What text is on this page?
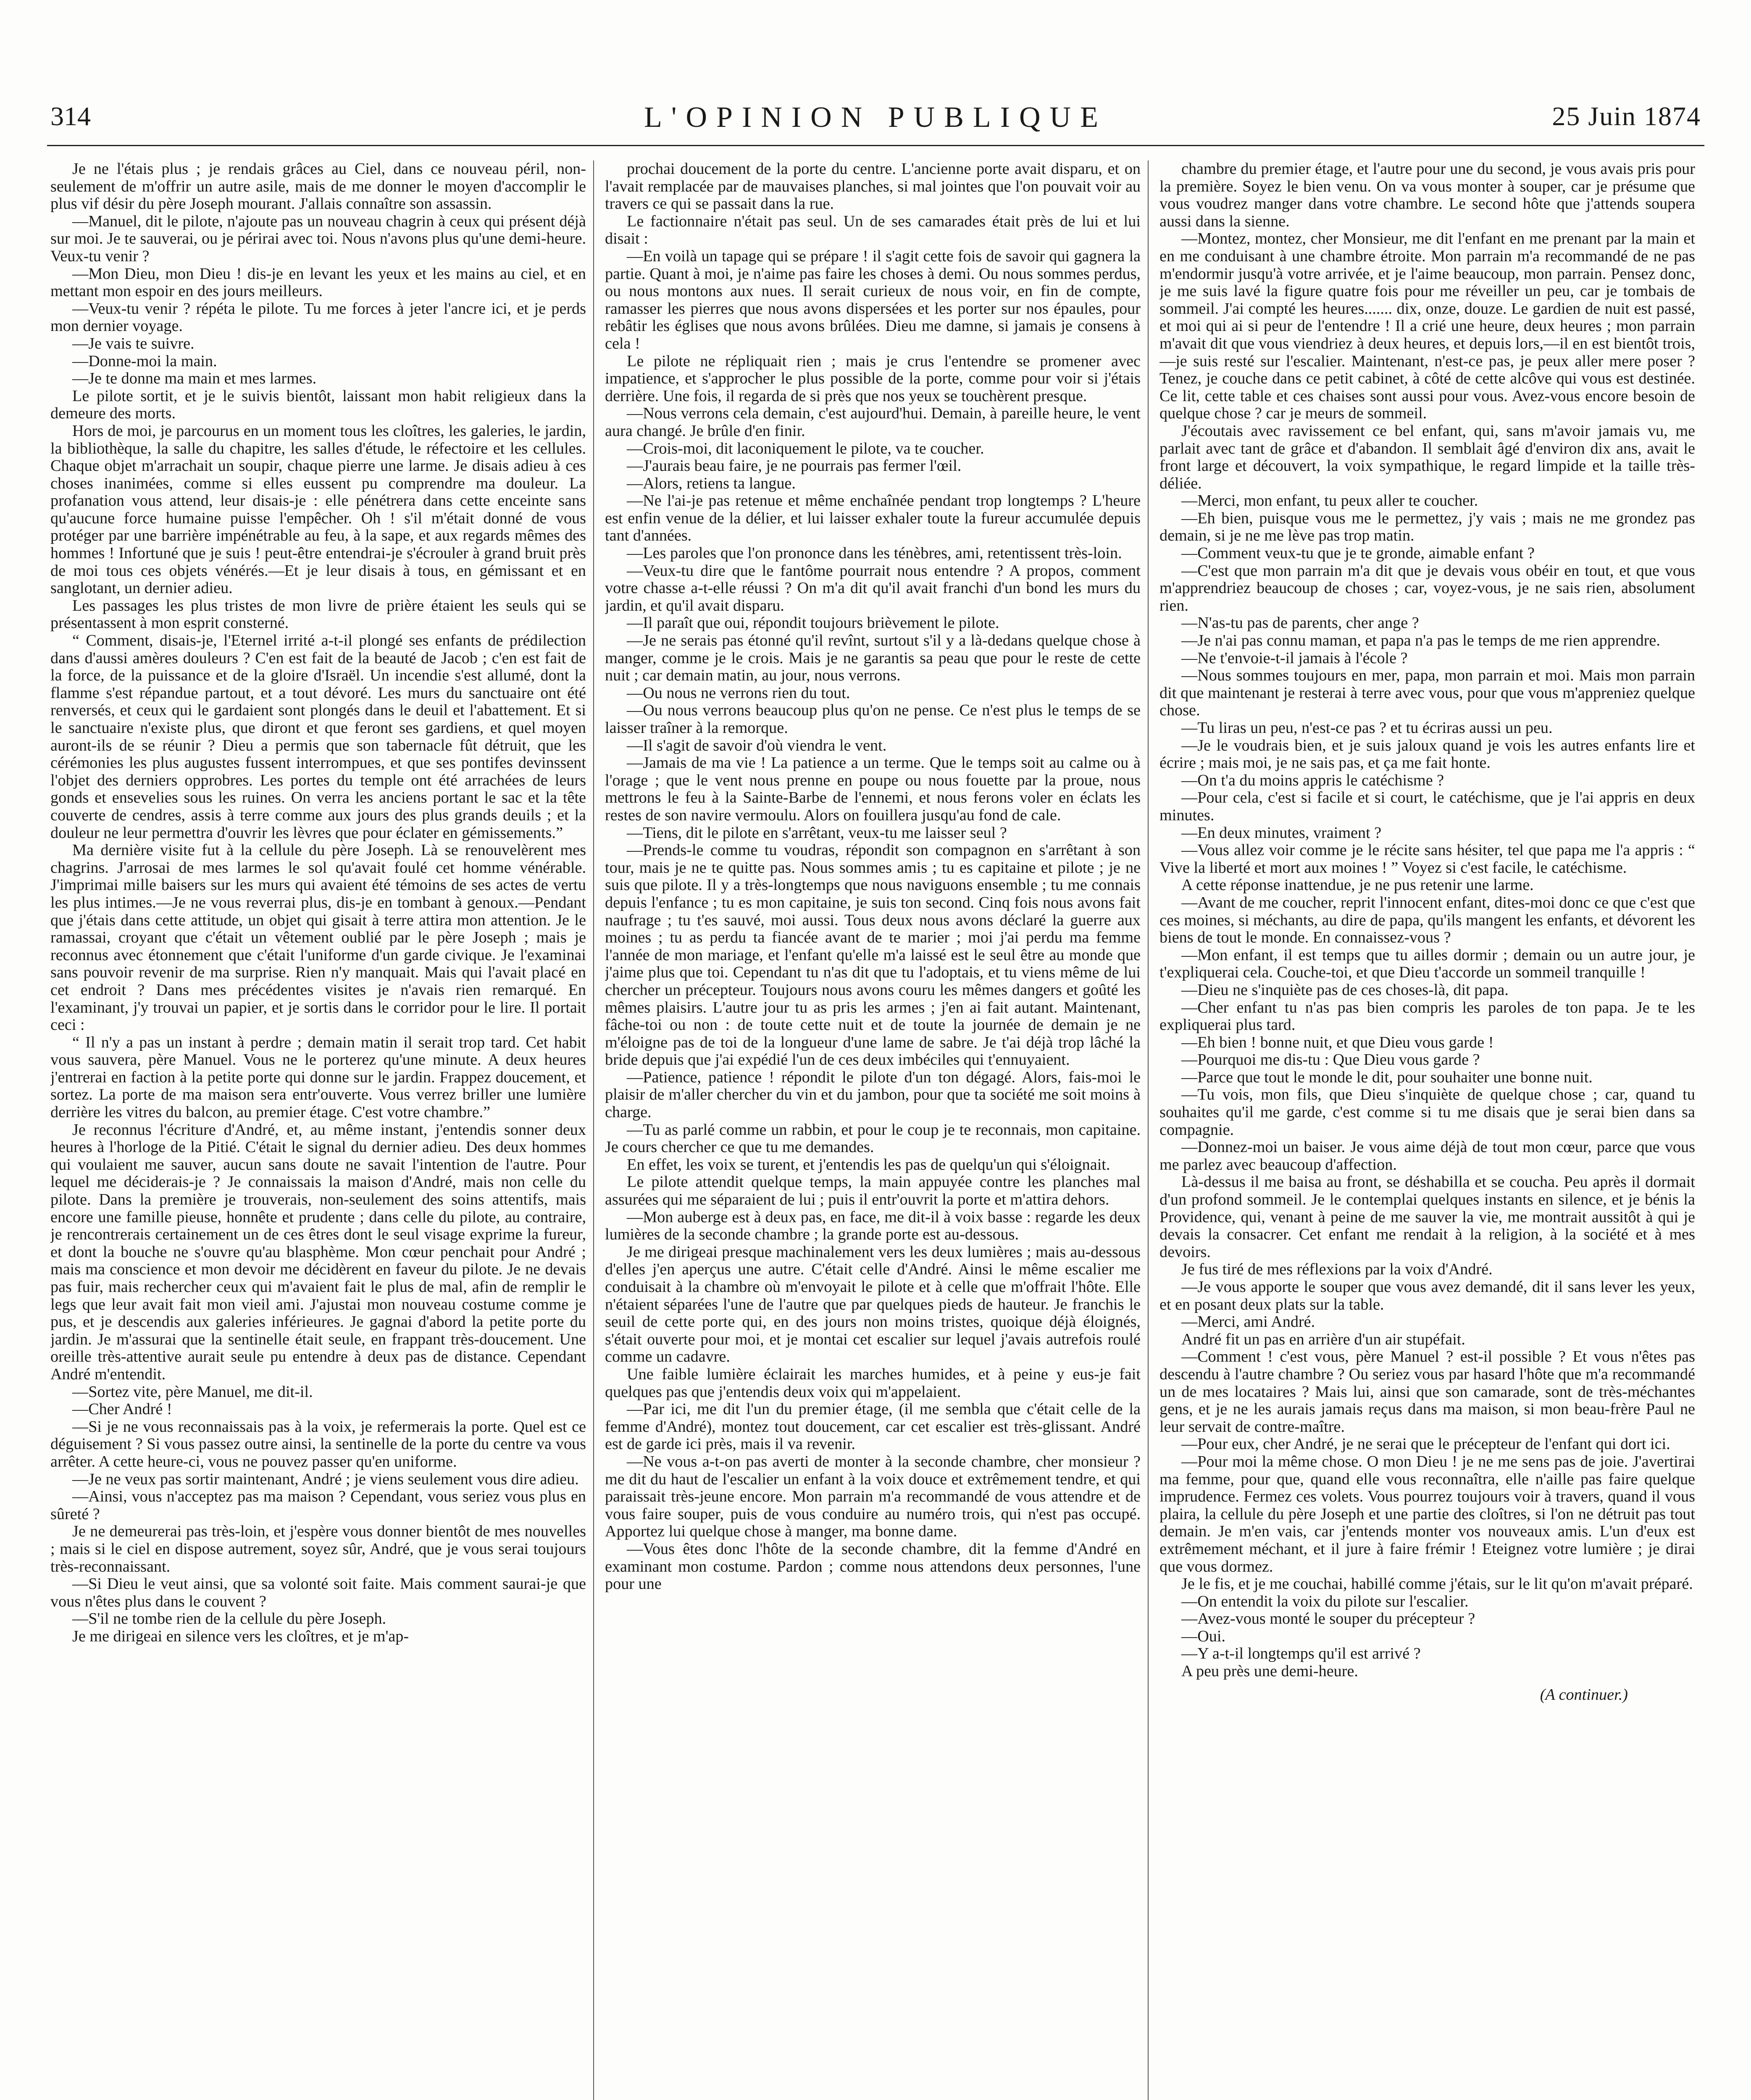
314	L'OPINION PUBLIQUE	25 Juin 1874

Je ne l'étais plus ; je rendais grâces au Ciel, dans ce nouveau péril, non-seulement de m'offrir un autre asile, mais de me donner le moyen d'accomplir le plus vif désir du père Joseph mourant. J'allais connaître son assassin.

—Manuel, dit le pilote, n'ajoute pas un nouveau chagrin à ceux qui présent déjà sur moi. Je te sauverai, ou je périrai avec toi. Nous n'avons plus qu'une demi-heure. Veux-tu venir ?

—Mon Dieu, mon Dieu ! dis-je en levant les yeux et les mains au ciel, et en mettant mon espoir en des jours meilleurs.

—Veux-tu venir ? répéta le pilote. Tu me forces à jeter l'ancre ici, et je perds mon dernier voyage.

—Je vais te suivre.

—Donne-moi la main.

—Je te donne ma main et mes larmes.

Le pilote sortit, et je le suivis bientôt, laissant mon habit religieux dans la demeure des morts.

Hors de moi, je parcourus en un moment tous les cloîtres, les galeries, le jardin, la bibliothèque, la salle du chapitre, les salles d'étude, le réfectoire et les cellules. Chaque objet m'arrachait un soupir, chaque pierre une larme. Je disais adieu à ces choses inanimées, comme si elles eussent pu comprendre ma douleur. La profanation vous attend, leur disais-je : elle pénétrera dans cette enceinte sans qu'aucune force humaine puisse l'empêcher. Oh ! s'il m'était donné de vous protéger par une barrière impénétrable au feu, à la sape, et aux regards mêmes des hommes ! Infortuné que je suis ! peut-être entendrai-je s'écrouler à grand bruit près de moi tous ces objets vénérés.—Et je leur disais à tous, en gémissant et en sanglotant, un dernier adieu.

Les passages les plus tristes de mon livre de prière étaient les seuls qui se présentassent à mon esprit consterné.

“ Comment, disais-je, l'Eternel irrité a-t-il plongé ses enfants de prédilection dans d'aussi amères douleurs ? C'en est fait de la beauté de Jacob ; c'en est fait de la force, de la puissance et de la gloire d'Israël. Un incendie s'est allumé, dont la flamme s'est répandue partout, et a tout dévoré. Les murs du sanctuaire ont été renversés, et ceux qui le gardaient sont plongés dans le deuil et l'abattement. Et si le sanctuaire n'existe plus, que diront et que feront ses gardiens, et quel moyen auront-ils de se réunir ? Dieu a permis que son tabernacle fût détruit, que les cérémonies les plus augustes fussent interrompues, et que ses pontifes devinssent l'objet des derniers opprobres. Les portes du temple ont été arrachées de leurs gonds et ensevelies sous les ruines. On verra les anciens portant le sac et la tête couverte de cendres, assis à terre comme aux jours des plus grands deuils ; et la douleur ne leur permettra d'ouvrir les lèvres que pour éclater en gémissements.”

Ma dernière visite fut à la cellule du père Joseph. Là se renouvelèrent mes chagrins. J'arrosai de mes larmes le sol qu'avait foulé cet homme vénérable. J'imprimai mille baisers sur les murs qui avaient été témoins de ses actes de vertu les plus intimes.—Je ne vous reverrai plus, dis-je en tombant à genoux.—Pendant que j'étais dans cette attitude, un objet qui gisait à terre attira mon attention. Je le ramassai, croyant que c'était un vêtement oublié par le père Joseph ; mais je reconnus avec étonnement que c'était l'uniforme d'un garde civique. Je l'examinai sans pouvoir revenir de ma surprise. Rien n'y manquait. Mais qui l'avait placé en cet endroit ? Dans mes précédentes visites je n'avais rien remarqué. En l'examinant, j'y trouvai un papier, et je sortis dans le corridor pour le lire. Il portait ceci :

“ Il n'y a pas un instant à perdre ; demain matin il serait trop tard. Cet habit vous sauvera, père Manuel. Vous ne le porterez qu'une minute. A deux heures j'entrerai en faction à la petite porte qui donne sur le jardin. Frappez doucement, et sortez. La porte de ma maison sera entr'ouverte. Vous verrez briller une lumière derrière les vitres du balcon, au premier étage. C'est votre chambre.”

Je reconnus l'écriture d'André, et, au même instant, j'entendis sonner deux heures à l'horloge de la Pitié. C'était le signal du dernier adieu. Des deux hommes qui voulaient me sauver, aucun sans doute ne savait l'intention de l'autre. Pour lequel me déciderais-je ? Je connaissais la maison d'André, mais non celle du pilote. Dans la première je trouverais, non-seulement des soins attentifs, mais encore une famille pieuse, honnête et prudente ; dans celle du pilote, au contraire, je rencontrerais certainement un de ces êtres dont le seul visage exprime la fureur, et dont la bouche ne s'ouvre qu'au blasphème. Mon cœur penchait pour André ; mais ma conscience et mon devoir me décidèrent en faveur du pilote. Je ne devais pas fuir, mais rechercher ceux qui m'avaient fait le plus de mal, afin de remplir le legs que leur avait fait mon vieil ami. J'ajustai mon nouveau costume comme je pus, et je descendis aux galeries inférieures. Je gagnai d'abord la petite porte du jardin. Je m'assurai que la sentinelle était seule, en frappant très-doucement. Une oreille très-attentive aurait seule pu entendre à deux pas de distance. Cependant André m'entendit.

—Sortez vite, père Manuel, me dit-il.

—Cher André !

—Si je ne vous reconnaissais pas à la voix, je refermerais la porte. Quel est ce déguisement ? Si vous passez outre ainsi, la sentinelle de la porte du centre va vous arrêter. A cette heure-ci, vous ne pouvez passer qu'en uniforme.

—Je ne veux pas sortir maintenant, André ; je viens seulement vous dire adieu.

—Ainsi, vous n'acceptez pas ma maison ? Cependant, vous seriez vous plus en sûreté ?

Je ne demeurerai pas très-loin, et j'espère vous donner bientôt de mes nouvelles ; mais si le ciel en dispose autrement, soyez sûr, André, que je vous serai toujours très-reconnaissant.

—Si Dieu le veut ainsi, que sa volonté soit faite. Mais comment saurai-je que vous n'êtes plus dans le couvent ?

—S'il ne tombe rien de la cellule du père Joseph.

Je me dirigeai en silence vers les cloîtres, et je m'ap-

prochai doucement de la porte du centre. L'ancienne porte avait disparu, et on l'avait remplacée par de mauvaises planches, si mal jointes que l'on pouvait voir au travers ce qui se passait dans la rue.

Le factionnaire n'était pas seul. Un de ses camarades était près de lui et lui disait :

—En voilà un tapage qui se prépare ! il s'agit cette fois de savoir qui gagnera la partie. Quant à moi, je n'aime pas faire les choses à demi. Ou nous sommes perdus, ou nous montons aux nues. Il serait curieux de nous voir, en fin de compte, ramasser les pierres que nous avons dispersées et les porter sur nos épaules, pour rebâtir les églises que nous avons brûlées. Dieu me damne, si jamais je consens à cela !

Le pilote ne répliquait rien ; mais je crus l'entendre se promener avec impatience, et s'approcher le plus possible de la porte, comme pour voir si j'étais derrière. Une fois, il regarda de si près que nos yeux se touchèrent presque.

—Nous verrons cela demain, c'est aujourd'hui. Demain, à pareille heure, le vent aura changé. Je brûle d'en finir.

—Crois-moi, dit laconiquement le pilote, va te coucher.

—J'aurais beau faire, je ne pourrais pas fermer l'œil.

—Alors, retiens ta langue.

—Ne l'ai-je pas retenue et même enchaînée pendant trop longtemps ? L'heure est enfin venue de la délier, et lui laisser exhaler toute la fureur accumulée depuis tant d'années.

—Les paroles que l'on prononce dans les ténèbres, ami, retentissent très-loin.

—Veux-tu dire que le fantôme pourrait nous entendre ? A propos, comment votre chasse a-t-elle réussi ? On m'a dit qu'il avait franchi d'un bond les murs du jardin, et qu'il avait disparu.

—Il paraît que oui, répondit toujours brièvement le pilote.

—Je ne serais pas étonné qu'il revînt, surtout s'il y a là-dedans quelque chose à manger, comme je le crois. Mais je ne garantis sa peau que pour le reste de cette nuit ; car demain matin, au jour, nous verrons.

—Ou nous ne verrons rien du tout.

—Ou nous verrons beaucoup plus qu'on ne pense. Ce n'est plus le temps de se laisser traîner à la remorque.

—Il s'agit de savoir d'où viendra le vent.

—Jamais de ma vie ! La patience a un terme. Que le temps soit au calme ou à l'orage ; que le vent nous prenne en poupe ou nous fouette par la proue, nous mettrons le feu à la Sainte-Barbe de l'ennemi, et nous ferons voler en éclats les restes de son navire vermoulu. Alors on fouillera jusqu'au fond de cale.

—Tiens, dit le pilote en s'arrêtant, veux-tu me laisser seul ?

—Prends-le comme tu voudras, répondit son compagnon en s'arrêtant à son tour, mais je ne te quitte pas. Nous sommes amis ; tu es capitaine et pilote ; je ne suis que pilote. Il y a très-longtemps que nous naviguons ensemble ; tu me connais depuis l'enfance ; tu es mon capitaine, je suis ton second. Cinq fois nous avons fait naufrage ; tu t'es sauvé, moi aussi. Tous deux nous avons déclaré la guerre aux moines ; tu as perdu ta fiancée avant de te marier ; moi j'ai perdu ma femme l'année de mon mariage, et l'enfant qu'elle m'a laissé est le seul être au monde que j'aime plus que toi. Cependant tu n'as dit que tu l'adoptais, et tu viens même de lui chercher un précepteur. Toujours nous avons couru les mêmes dangers et goûté les mêmes plaisirs. L'autre jour tu as pris les armes ; j'en ai fait autant. Maintenant, fâche-toi ou non : de toute cette nuit et de toute la journée de demain je ne m'éloigne pas de toi de la longueur d'une lame de sabre. Je t'ai déjà trop lâché la bride depuis que j'ai expédié l'un de ces deux imbéciles qui t'ennuyaient.

—Patience, patience ! répondit le pilote d'un ton dégagé. Alors, fais-moi le plaisir de m'aller chercher du vin et du jambon, pour que ta société me soit moins à charge.

—Tu as parlé comme un rabbin, et pour le coup je te reconnais, mon capitaine. Je cours chercher ce que tu me demandes.

En effet, les voix se turent, et j'entendis les pas de quelqu'un qui s'éloignait.

Le pilote attendit quelque temps, la main appuyée contre les planches mal assurées qui me séparaient de lui ; puis il entr'ouvrit la porte et m'attira dehors.

—Mon auberge est à deux pas, en face, me dit-il à voix basse : regarde les deux lumières de la seconde chambre ; la grande porte est au-dessous.

Je me dirigeai presque machinalement vers les deux lumières ; mais au-dessous d'elles j'en aperçus une autre. C'était celle d'André. Ainsi le même escalier me conduisait à la chambre où m'envoyait le pilote et à celle que m'offrait l'hôte. Elle n'étaient séparées l'une de l'autre que par quelques pieds de hauteur. Je franchis le seuil de cette porte qui, en des jours non moins tristes, quoique déjà éloignés, s'était ouverte pour moi, et je montai cet escalier sur lequel j'avais autrefois roulé comme un cadavre.

Une faible lumière éclairait les marches humides, et à peine y eus-je fait quelques pas que j'entendis deux voix qui m'appelaient.

—Par ici, me dit l'un du premier étage, (il me sembla que c'était celle de la femme d'André), montez tout doucement, car cet escalier est très-glissant. André est de garde ici près, mais il va revenir.

—Ne vous a-t-on pas averti de monter à la seconde chambre, cher monsieur ? me dit du haut de l'escalier un enfant à la voix douce et extrêmement tendre, et qui paraissait très-jeune encore. Mon parrain m'a recommandé de vous attendre et de vous faire souper, puis de vous conduire au numéro trois, qui n'est pas occupé. Apportez lui quelque chose à manger, ma bonne dame.

—Vous êtes donc l'hôte de la seconde chambre, dit la femme d'André en examinant mon costume. Pardon ; comme nous attendons deux personnes, l'une pour une

chambre du premier étage, et l'autre pour une du second, je vous avais pris pour la première. Soyez le bien venu. On va vous monter à souper, car je présume que vous voudrez manger dans votre chambre. Le second hôte que j'attends soupera aussi dans la sienne.

—Montez, montez, cher Monsieur, me dit l'enfant en me prenant par la main et en me conduisant à une chambre étroite. Mon parrain m'a recommandé de ne pas m'endormir jusqu'à votre arrivée, et je l'aime beaucoup, mon parrain. Pensez donc, je me suis lavé la figure quatre fois pour me réveiller un peu, car je tombais de sommeil. J'ai compté les heures....... dix, onze, douze. Le gardien de nuit est passé, et moi qui ai si peur de l'entendre ! Il a crié une heure, deux heures ; mon parrain m'avait dit que vous viendriez à deux heures, et depuis lors,—il en est bientôt trois,—je suis resté sur l'escalier. Maintenant, n'est-ce pas, je peux aller mere poser ? Tenez, je couche dans ce petit cabinet, à côté de cette alcôve qui vous est destinée. Ce lit, cette table et ces chaises sont aussi pour vous. Avez-vous encore besoin de quelque chose ? car je meurs de sommeil.

J'écoutais avec ravissement ce bel enfant, qui, sans m'avoir jamais vu, me parlait avec tant de grâce et d'abandon. Il semblait âgé d'environ dix ans, avait le front large et découvert, la voix sympathique, le regard limpide et la taille très-déliée.

—Merci, mon enfant, tu peux aller te coucher.

—Eh bien, puisque vous me le permettez, j'y vais ; mais ne me grondez pas demain, si je ne me lève pas trop matin.

—Comment veux-tu que je te gronde, aimable enfant ?

—C'est que mon parrain m'a dit que je devais vous obéir en tout, et que vous m'apprendriez beaucoup de choses ; car, voyez-vous, je ne sais rien, absolument rien.

—N'as-tu pas de parents, cher ange ?

—Je n'ai pas connu maman, et papa n'a pas le temps de me rien apprendre.

—Ne t'envoie-t-il jamais à l'école ?

—Nous sommes toujours en mer, papa, mon parrain et moi. Mais mon parrain dit que maintenant je resterai à terre avec vous, pour que vous m'appreniez quelque chose.

—Tu liras un peu, n'est-ce pas ? et tu écriras aussi un peu.

—Je le voudrais bien, et je suis jaloux quand je vois les autres enfants lire et écrire ; mais moi, je ne sais pas, et ça me fait honte.

—On t'a du moins appris le catéchisme ?

—Pour cela, c'est si facile et si court, le catéchisme, que je l'ai appris en deux minutes.

—En deux minutes, vraiment ?

—Vous allez voir comme je le récite sans hésiter, tel que papa me l'a appris : “ Vive la liberté et mort aux moines ! ” Voyez si c'est facile, le catéchisme.

A cette réponse inattendue, je ne pus retenir une larme.

—Avant de me coucher, reprit l'innocent enfant, dites-moi donc ce que c'est que ces moines, si méchants, au dire de papa, qu'ils mangent les enfants, et dévorent les biens de tout le monde. En connaissez-vous ?

—Mon enfant, il est temps que tu ailles dormir ; demain ou un autre jour, je t'expliquerai cela. Couche-toi, et que Dieu t'accorde un sommeil tranquille !

—Dieu ne s'inquiète pas de ces choses-là, dit papa.

—Cher enfant tu n'as pas bien compris les paroles de ton papa. Je te les expliquerai plus tard.

—Eh bien ! bonne nuit, et que Dieu vous garde !

—Pourquoi me dis-tu : Que Dieu vous garde ?

—Parce que tout le monde le dit, pour souhaiter une bonne nuit.

—Tu vois, mon fils, que Dieu s'inquiète de quelque chose ; car, quand tu souhaites qu'il me garde, c'est comme si tu me disais que je serai bien dans sa compagnie.

—Donnez-moi un baiser. Je vous aime déjà de tout mon cœur, parce que vous me parlez avec beaucoup d'affection.

Là-dessus il me baisa au front, se déshabilla et se coucha. Peu après il dormait d'un profond sommeil. Je le contemplai quelques instants en silence, et je bénis la Providence, qui, venant à peine de me sauver la vie, me montrait aussitôt à qui je devais la consacrer. Cet enfant me rendait à la religion, à la société et à mes devoirs.

Je fus tiré de mes réflexions par la voix d'André.

—Je vous apporte le souper que vous avez demandé, dit il sans lever les yeux, et en posant deux plats sur la table.

—Merci, ami André.

André fit un pas en arrière d'un air stupéfait.

—Comment ! c'est vous, père Manuel ? est-il possible ? Et vous n'êtes pas descendu à l'autre chambre ? Ou seriez vous par hasard l'hôte que m'a recommandé un de mes locataires ? Mais lui, ainsi que son camarade, sont de très-méchantes gens, et je ne les aurais jamais reçus dans ma maison, si mon beau-frère Paul ne leur servait de contre-maître.

—Pour eux, cher André, je ne serai que le précepteur de l'enfant qui dort ici.

—Pour moi la même chose. O mon Dieu ! je ne me sens pas de joie. J'avertirai ma femme, pour que, quand elle vous reconnaîtra, elle n'aille pas faire quelque imprudence. Fermez ces volets. Vous pourrez toujours voir à travers, quand il vous plaira, la cellule du père Joseph et une partie des cloîtres, si l'on ne détruit pas tout demain. Je m'en vais, car j'entends monter vos nouveaux amis. L'un d'eux est extrêmement méchant, et il jure à faire frémir ! Eteignez votre lumière ; je dirai que vous dormez.

Je le fis, et je me couchai, habillé comme j'étais, sur le lit qu'on m'avait préparé.

—On entendit la voix du pilote sur l'escalier.

—Avez-vous monté le souper du précepteur ?

—Oui.

—Y a-t-il longtemps qu'il est arrivé ?

A peu près une demi-heure.

(A continuer.)
